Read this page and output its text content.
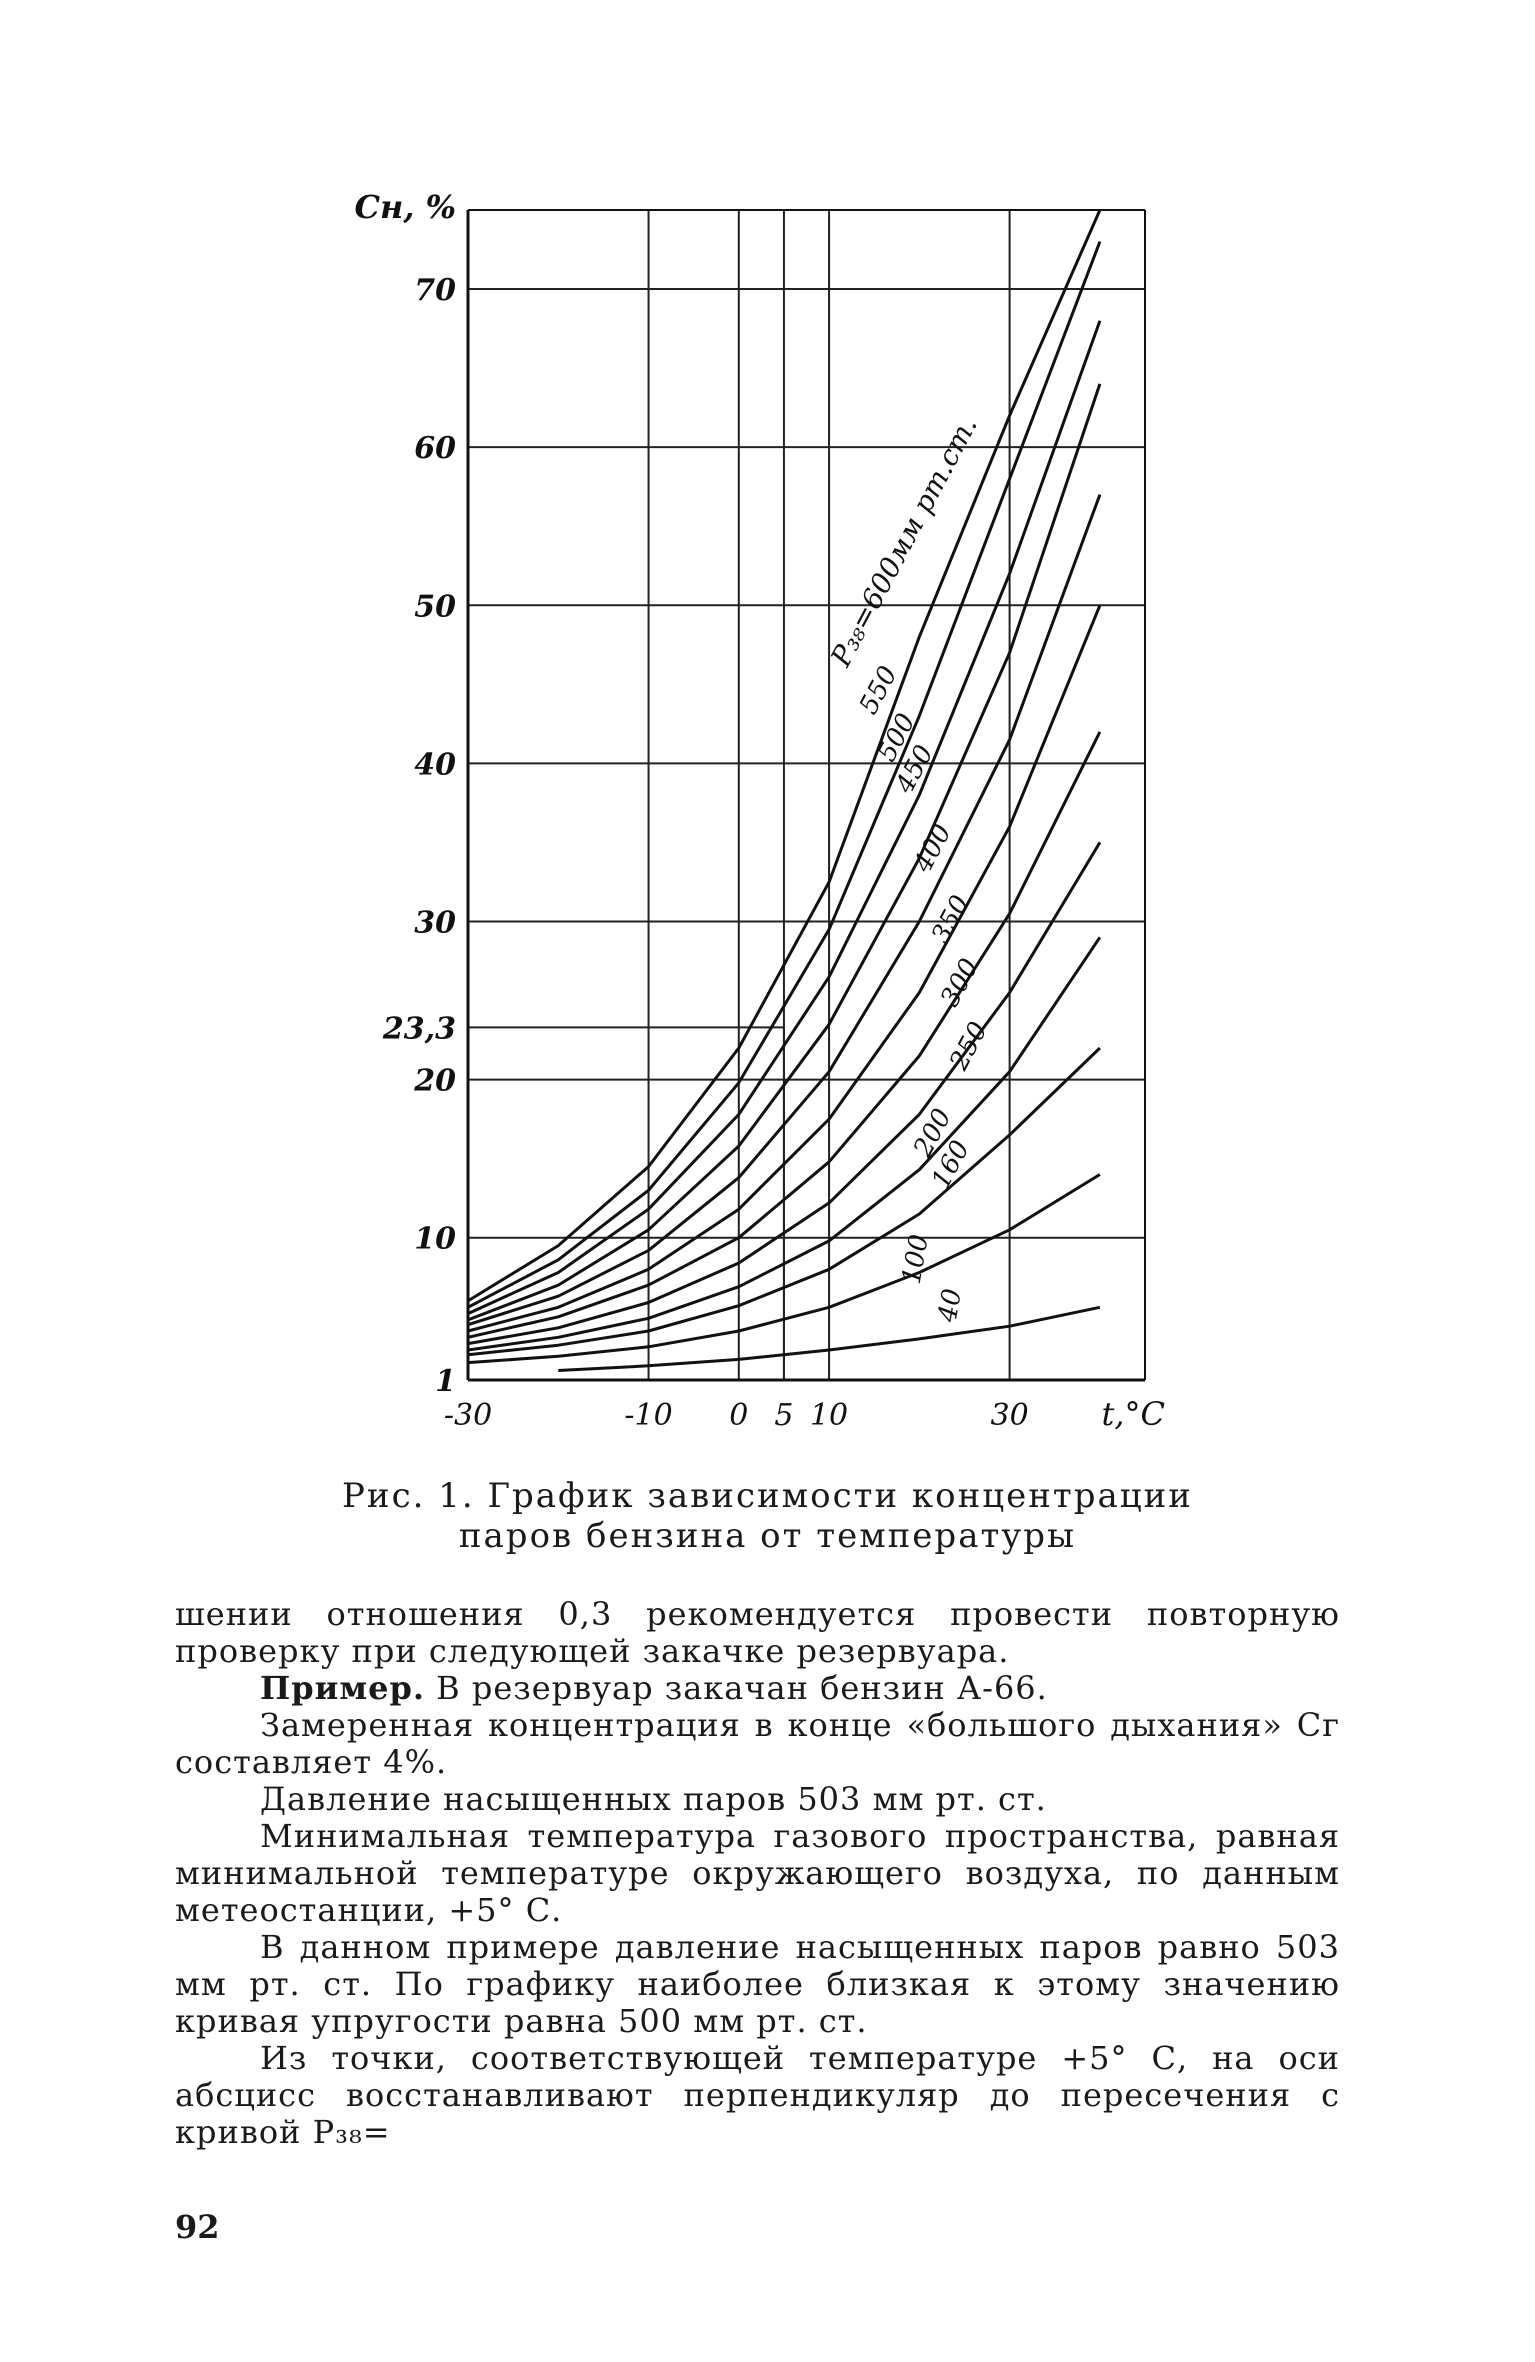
-30	-10 0 5 10	30
1
10
20
23,3
30
40
50
60
70
Cн, %
t,°C
P₃₈=600мм рт.ст.
550
500
450
400
350
300
250
200
160
100
40
Рис. 1. График зависимости концентрации
паров бензина от температуры

шении отношения 0,3 рекомендуется провести повторную проверку при следующей закачке резервуара.

Пример. В резервуар закачан бензин А-66.

Замеренная концентрация в конце «большого дыхания» Cг составляет 4%.

Давление насыщенных паров 503 мм рт. ст.

Минимальная температура газового пространства, равная минимальной температуре окружающего воздуха, по данным метеостанции, +5° С.

В данном примере давление насыщенных паров равно 503 мм рт. ст. По графику наиболее близкая к этому значению кривая упругости равна 500 мм рт. ст.

Из точки, соответствующей температуре +5° С, на оси абсцисс восстанавливают перпендикуляр до пересечения с кривой P₃₈=

92
